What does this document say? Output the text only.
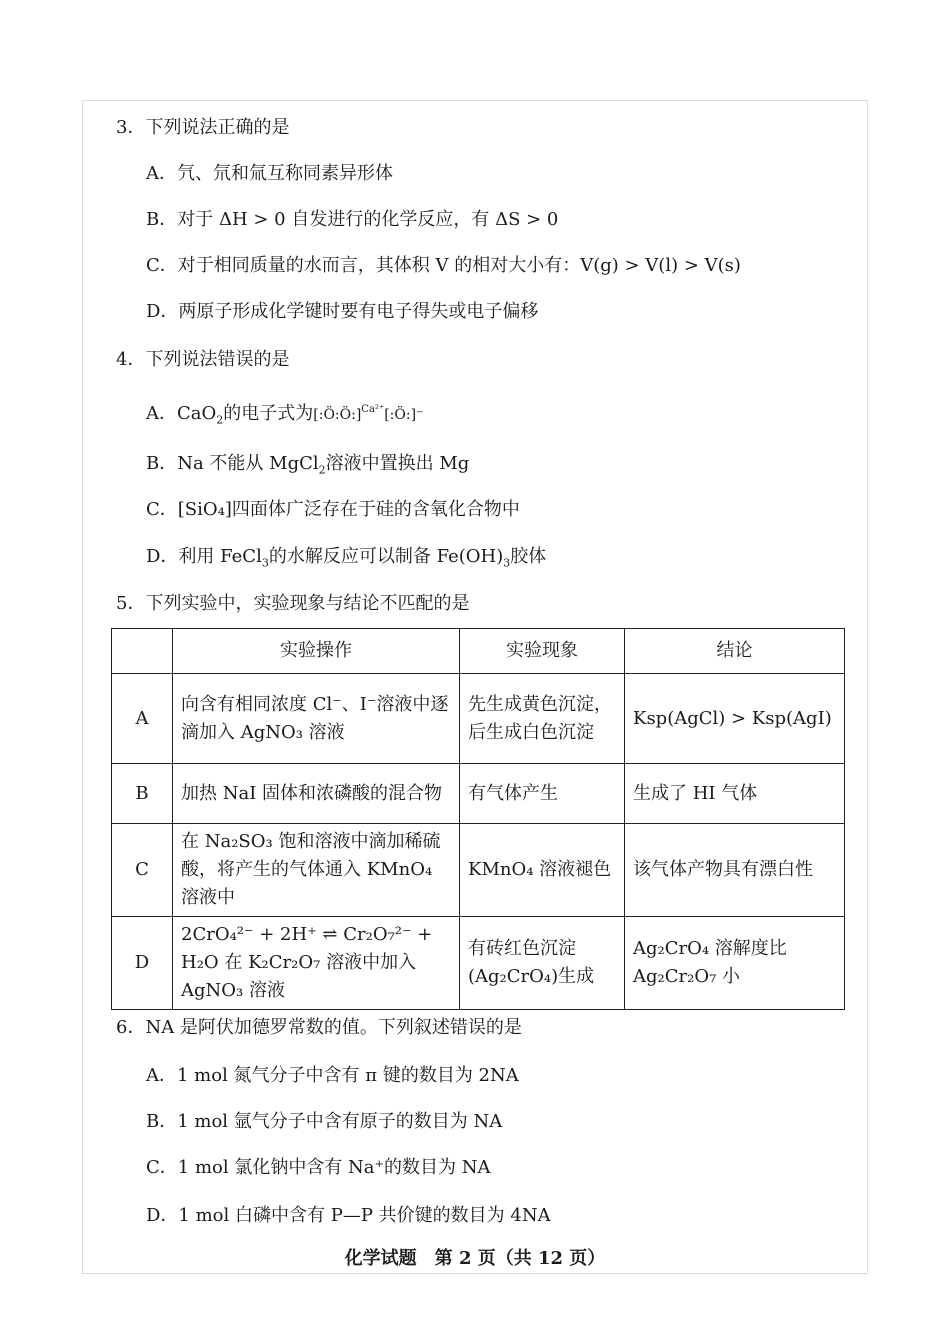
3．下列说法正确的是
A．氕、氘和氚互称同素异形体
B．对于 ΔH > 0 自发进行的化学反应，有 ΔS > 0
C．对于相同质量的水而言，其体积 V 的相对大小有：V(g) > V(l) > V(s)
D．两原子形成化学键时要有电子得失或电子偏移
4．下列说法错误的是
A．CaO$_2$的电子式为[:Ö:Ö:]$^{Ca^{2+}}$[:Ö:]⁻
B．Na 不能从 MgCl$_2$溶液中置换出 Mg
C．[SiO₄]四面体广泛存在于硅的含氧化合物中
D．利用 FeCl$_3$的水解反应可以制备 $Fe(OH)_3$胶体
5．下列实验中，实验现象与结论不匹配的是
	实验操作	实验现象	结论
A	向含有相同浓度 Cl⁻、I⁻溶液中逐滴加入 AgNO₃ 溶液	先生成黄色沉淀，后生成白色沉淀	Ksp(AgCl) > Ksp(AgI)
B	加热 NaI 固体和浓磷酸的混合物	有气体产生	生成了 HI 气体
C	在 Na₂SO₃ 饱和溶液中滴加稀硫酸，将产生的气体通入 KMnO₄ 溶液中	KMnO₄ 溶液褪色	该气体产物具有漂白性
D	2CrO₄²⁻ + 2H⁺ ⇌ Cr₂O₇²⁻ + H₂O 在 K₂Cr₂O₇ 溶液中加入 AgNO₃ 溶液	有砖红色沉淀(Ag₂CrO₄)生成	Ag₂CrO₄ 溶解度比 Ag₂Cr₂O₇ 小
6．NA 是阿伏加德罗常数的值。下列叙述错误的是
A．1 mol 氮气分子中含有 π 键的数目为 2NA
B．1 mol 氩气分子中含有原子的数目为 NA
C．1 mol 氯化钠中含有 Na⁺的数目为 NA
D．1 mol 白磷中含有 P—P 共价键的数目为 4NA
化学试题　第 2 页（共 12 页）
